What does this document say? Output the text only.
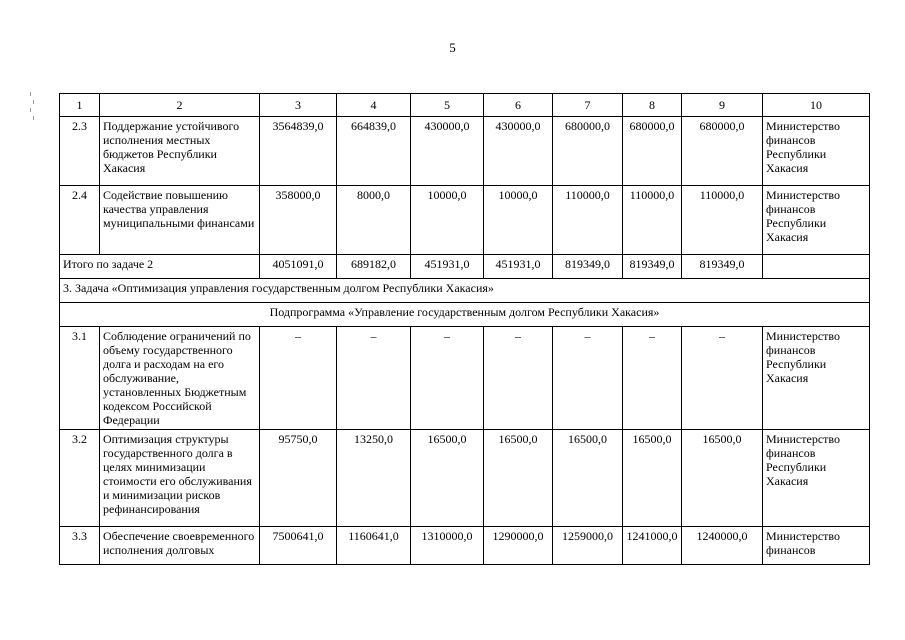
5
1	2	3	4	5	6	7	8	9	10
2.3	Поддержание устойчивого исполнения местных бюджетов Республики Хакасия	3564839,0	664839,0	430000,0	430000,0	680000,0	680000,0	680000,0	Министерство финансов Республики Хакасия
2.4	Содействие повышению качества управления муниципальными финансами	358000,0	8000,0	10000,0	10000,0	110000,0	110000,0	110000,0	Министерство финансов Республики Хакасия
Итого по задаче 2		4051091,0	689182,0	451931,0	451931,0	819349,0	819349,0	819349,0	
3. Задача «Оптимизация управления государственным долгом Республики Хакасия»									
Подпрограмма «Управление государственным долгом Республики Хакасия»									
3.1	Соблюдение ограничений по объему государственного долга и расходам на его обслуживание, установленных Бюджетным кодексом Российской Федерации	–	–	–	–	–	–	–	Министерство финансов Республики Хакасия
3.2	Оптимизация структуры государственного долга в целях минимизации стоимости его обслуживания и минимизации рисков рефинансирования	95750,0	13250,0	16500,0	16500,0	16500,0	16500,0	16500,0	Министерство финансов Республики Хакасия
3.3	Обеспечение своевременного исполнения долговых	7500641,0	1160641,0	1310000,0	1290000,0	1259000,0	1241000,0	1240000,0	Министерство финансов
